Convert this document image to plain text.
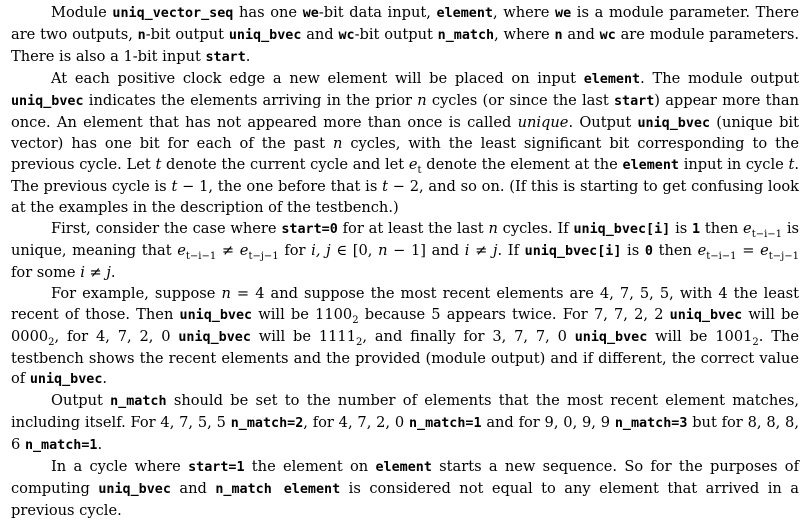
Module uniq_vector_seq has one we-bit data input, element, where we is a module parameter. There are two outputs, n-bit output uniq_bvec and wc-bit output n_match, where n and wc are module parameters. There is also a 1-bit input start.

At each positive clock edge a new element will be placed on input element. The module output uniq_bvec indicates the elements arriving in the prior n cycles (or since the last start) appear more than once. An element that has not appeared more than once is called unique. Output uniq_bvec (unique bit vector) has one bit for each of the past n cycles, with the least significant bit corresponding to the previous cycle. Let t denote the current cycle and let $e_t$ denote the element at the element input in cycle t. The previous cycle is t − 1, the one before that is t − 2, and so on. (If this is starting to get confusing look at the examples in the description of the testbench.)

First, consider the case where start=0 for at least the last n cycles. If uniq_bvec[i] is 1 then $e_{t-i-1}$ is unique, meaning that $e_{t-i-1} \ne e_{t-j-1}$ for i, j ∈ [0, n − 1] and i ≠ j. If uniq_bvec[i] is 0 then $e_{t-i-1} = e_{t-j-1}$ for some i ≠ j.

For example, suppose n = 4 and suppose the most recent elements are 4, 7, 5, 5, with 4 the least recent of those. Then uniq_bvec will be $1100_2$ because 5 appears twice. For 7, 7, 2, 2 uniq_bvec will be $0000_2$, for 4, 7, 2, 0 uniq_bvec will be $1111_2$, and finally for 3, 7, 7, 0 uniq_bvec will be $1001_2$. The testbench shows the recent elements and the provided (module output) and if different, the correct value of uniq_bvec.

Output n_match should be set to the number of elements that the most recent element matches, including itself. For 4, 7, 5, 5 n_match=2, for 4, 7, 2, 0 n_match=1 and for 9, 0, 9, 9 n_match=3 but for 8, 8, 8, 6 n_match=1.

In a cycle where start=1 the element on element starts a new sequence. So for the purposes of computing uniq_bvec and n_match element is considered not equal to any element that arrived in a previous cycle.
